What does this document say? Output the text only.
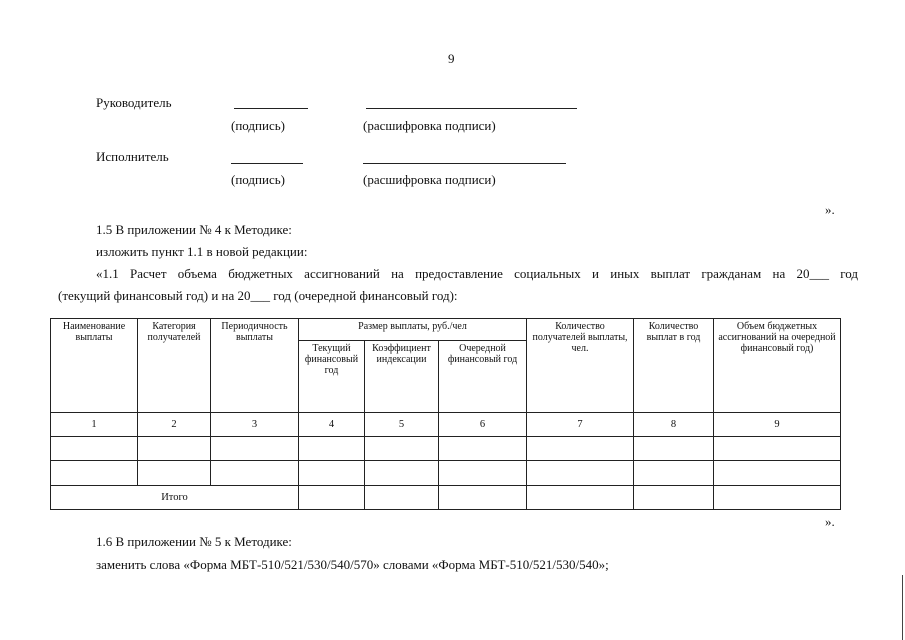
9
Руководитель
(подпись)	(расшифровка подписи)
Исполнитель
(подпись)	(расшифровка подписи)
».
1.5 В приложении № 4 к Методике:
изложить пункт 1.1 в новой редакции:
«1.1 Расчет объема бюджетных ассигнований на предоставление социальных и иных выплат гражданам на 20___ год
(текущий финансовый год) и на 20___ год (очередной финансовый год):
Наименование выплаты	Категория получателей	Периодичность выплаты	Размер выплаты, руб./чел			Количество получателей выплаты, чел.	Количество выплат в год	Объем бюджетных ассигнований на очередной финансовый год)
			Текущий финансовый год	Коэффициент индексации	Очередной финансовый год			
1	2	3	4	5	6	7	8	9

Итого								
».
1.6 В приложении № 5 к Методике:
заменить слова «Форма МБТ-510/521/530/540/570» словами «Форма МБТ-510/521/530/540»;
